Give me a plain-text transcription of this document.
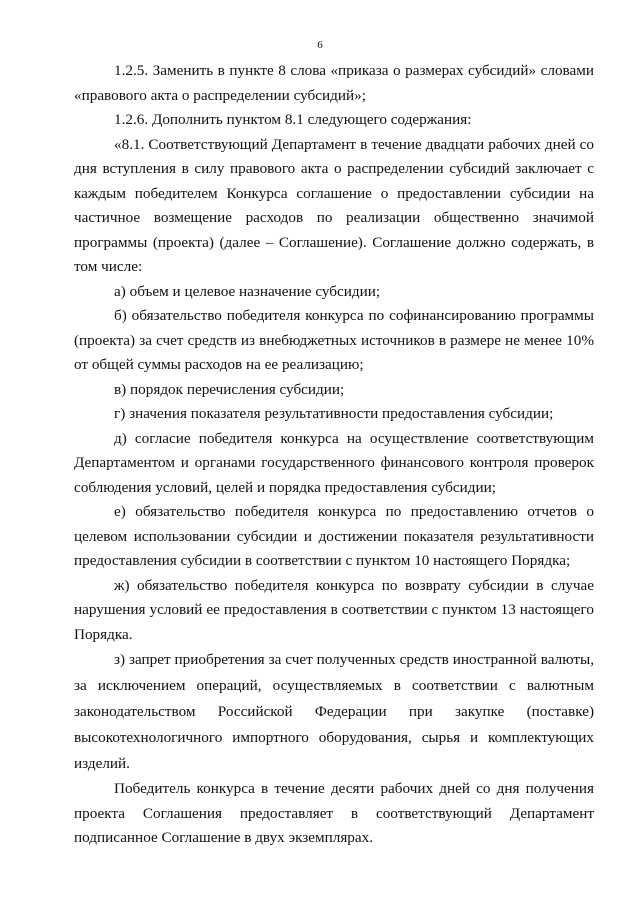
6

1.2.5. Заменить в пункте 8 слова «приказа о размерах субсидий» словами «правового акта о распределении субсидий»;

1.2.6. Дополнить пунктом 8.1 следующего содержания:

«8.1. Соответствующий Департамент в течение двадцати рабочих дней со дня вступления в силу правового акта о распределении субсидий заключает с каждым победителем Конкурса соглашение о предоставлении субсидии на частичное возмещение расходов по реализации общественно значимой программы (проекта) (далее – Соглашение). Соглашение должно содержать, в том числе:

а) объем и целевое назначение субсидии;

б) обязательство победителя конкурса по софинансированию программы (проекта) за счет средств из внебюджетных источников в размере не менее 10% от общей суммы расходов на ее реализацию;

в) порядок перечисления субсидии;

г) значения показателя результативности предоставления субсидии;

д) согласие победителя конкурса на осуществление соответствующим Департаментом и органами государственного финансового контроля проверок соблюдения условий, целей и порядка предоставления субсидии;

е) обязательство победителя конкурса по предоставлению отчетов о целевом использовании субсидии и достижении показателя результативности предоставления субсидии в соответствии с пунктом 10 настоящего Порядка;

ж) обязательство победителя конкурса по возврату субсидии в случае нарушения условий ее предоставления в соответствии с пунктом 13 настоящего Порядка.

з) запрет приобретения за счет полученных средств иностранной валюты, за исключением операций, осуществляемых в соответствии с валютным законодательством Российской Федерации при закупке (поставке) высокотехнологичного импортного оборудования, сырья и комплектующих изделий.

Победитель конкурса в течение десяти рабочих дней со дня получения проекта Соглашения предоставляет в соответствующий Департамент подписанное Соглашение в двух экземплярах.
